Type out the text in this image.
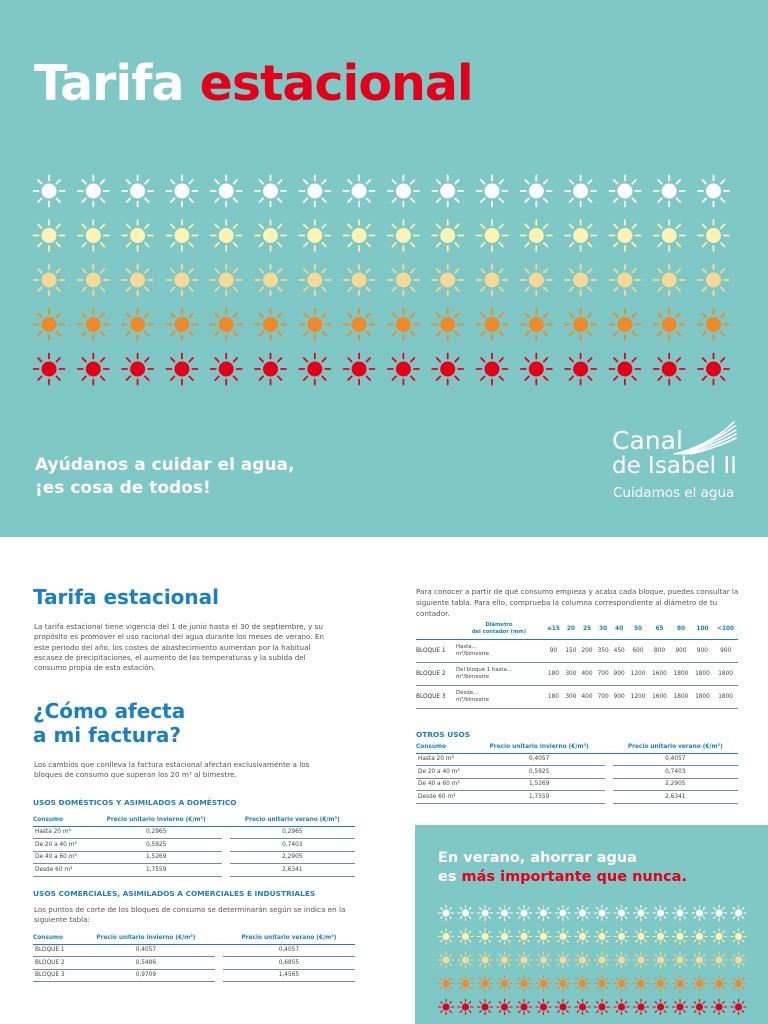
Tarifa estacional
Ayúdanos a cuidar el agua,
¡es cosa de todos!
Canal
de Isabel II
Cuidamos el agua
Tarifa estacional

La tarifa estacional tiene vigencia del 1 de junio hasta el 30 de septiembre, y su propósito es promover el uso racional del agua durante los meses de verano. En este periodo del año, los costes de abastecimiento aumentan por la habitual escasez de precipitaciones, el aumento de las temperaturas y la subida del consumo propia de esta estación.

¿Cómo afecta
a mi factura?

Los cambios que conlleva la factura estacional afectan exclusivamente a los bloques de consumo que superan los 20 m³ al bimestre.

USOS DOMÉSTICOS Y ASIMILADOS A DOMÉSTICO
Consumo	Precio unitario invierno (€/m³)		Precio unitario verano (€/m³)
Hasta 20 m³	0,2965		0,2965
De 20 a 40 m³	0,5925		0,7403
De 40 a 60 m³	1,5269		2,2905
Desde 60 m³	1,7559		2,6341
USOS COMERCIALES, ASIMILADOS A COMERCIALES E INDUSTRIALES

Los puntos de corte de los bloques de consumo se determinarán según se indica en la siguiente tabla:

Consumo	Precio unitario invierno (€/m³)		Precio unitario verano (€/m³)
BLOQUE 1	0,4057		0,4057
BLOQUE 2	0,5486		0,6855
BLOQUE 3	0,9709		1,4565

Para conocer a partir de qué consumo empieza y acaba cada bloque, puedes consultar la siguiente tabla. Para ello, comprueba la columna correspondiente al diámetro de tu contador.

	Diámetro
del contador (mm)	≤15	20	25	30	40	50	65	80	100	<100
BLOQUE 1	Hasta...
m³/bimestre	90	150	200	350	450	600	800	900	900	900
BLOQUE 2	Del bloque 1 hasta...
m³/bimestre	180	300	400	700	900	1200	1600	1800	1800	1800
BLOQUE 3	Desde...
m³/bimestre	180	300	400	700	900	1200	1600	1800	1800	1800
OTROS USOS
Consumo	Precio unitario invierno (€/m³)		Precio unitario verano (€/m³)
Hasta 20 m³	0,4057		0,4057
De 20 a 40 m³	0,5925		0,7403
De 40 a 60 m³	1,5269		2,2905
Desde 60 m³	1,7559		2,6341
En verano, ahorrar agua
es más importante que nunca.
